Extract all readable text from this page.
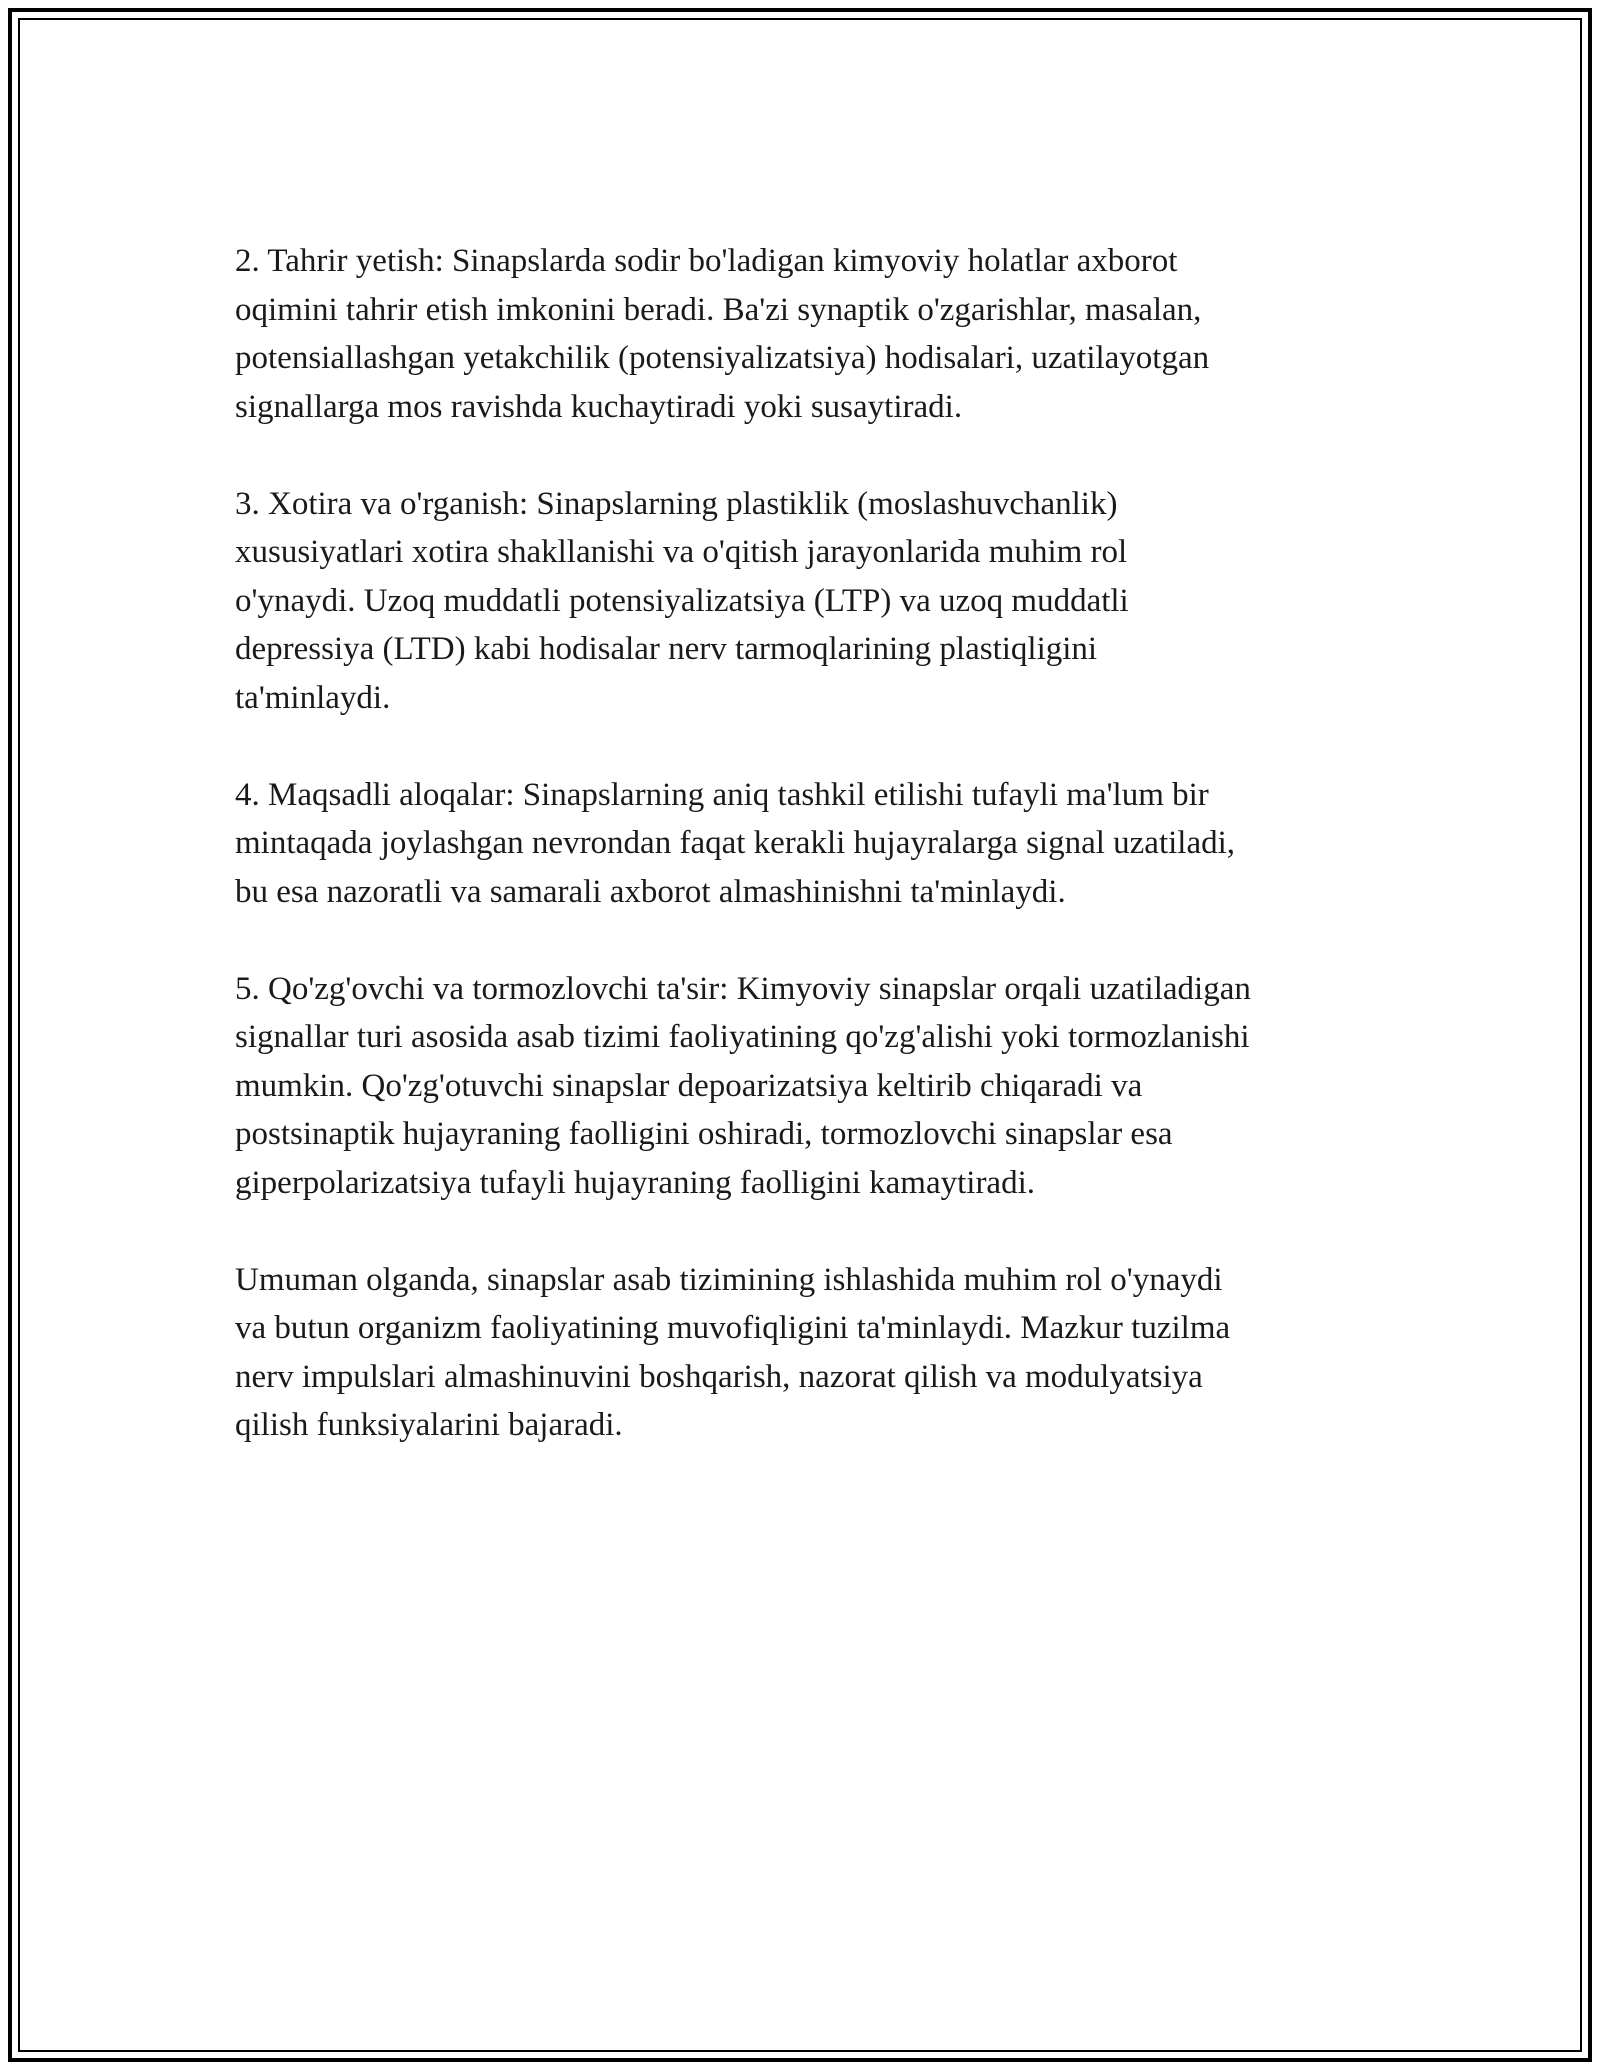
2. Tahrir yetish: Sinapslarda sodir bo'ladigan kimyoviy holatlar axborot
oqimini tahrir etish imkonini beradi. Ba'zi synaptik o'zgarishlar, masalan,
potensiallashgan yetakchilik (potensiyalizatsiya) hodisalari, uzatilayotgan
signallarga mos ravishda kuchaytiradi yoki susaytiradi.

3. Xotira va o'rganish: Sinapslarning plastiklik (moslashuvchanlik)
xususiyatlari xotira shakllanishi va o'qitish jarayonlarida muhim rol
o'ynaydi. Uzoq muddatli potensiyalizatsiya (LTP) va uzoq muddatli
depressiya (LTD) kabi hodisalar nerv tarmoqlarining plastiqligini
ta'minlaydi.

4. Maqsadli aloqalar: Sinapslarning aniq tashkil etilishi tufayli ma'lum bir
mintaqada joylashgan nevrondan faqat kerakli hujayralarga signal uzatiladi,
bu esa nazoratli va samarali axborot almashinishni ta'minlaydi.

5. Qo'zg'ovchi va tormozlovchi ta'sir: Kimyoviy sinapslar orqali uzatiladigan
signallar turi asosida asab tizimi faoliyatining qo'zg'alishi yoki tormozlanishi
mumkin. Qo'zg'otuvchi sinapslar depoarizatsiya keltirib chiqaradi va
postsinaptik hujayraning faolligini oshiradi, tormozlovchi sinapslar esa
giperpolarizatsiya tufayli hujayraning faolligini kamaytiradi.

Umuman olganda, sinapslar asab tizimining ishlashida muhim rol o'ynaydi
va butun organizm faoliyatining muvofiqligini ta'minlaydi. Mazkur tuzilma
nerv impulslari almashinuvini boshqarish, nazorat qilish va modulyatsiya
qilish funksiyalarini bajaradi.
